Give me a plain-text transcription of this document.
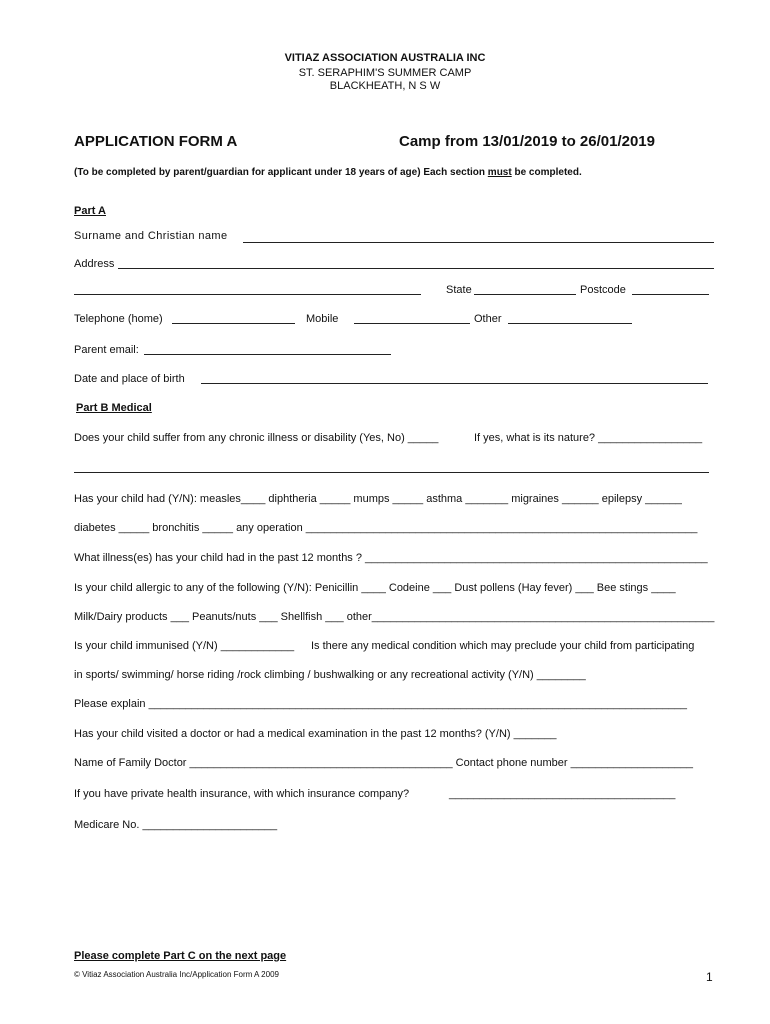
VITIAZ ASSOCIATION AUSTRALIA INC
ST. SERAPHIM'S SUMMER CAMP
BLACKHEATH, N S W
APPLICATION FORM A	Camp from 13/01/2019 to 26/01/2019
(To be completed by parent/guardian for applicant under 18 years of age) Each section must be completed.
Part A
Surname and Christian name
Address
State	Postcode
Telephone (home)	Mobile	Other
Parent email:
Date and place of birth
Part B Medical
Does your child suffer from any chronic illness or disability (Yes, No) _____	If yes, what is its nature? _________________
Has your child had (Y/N): measles____ diphtheria _____ mumps _____ asthma _______ migraines ______ epilepsy ______
diabetes _____ bronchitis _____ any operation ________________________________________________________________
What illness(es) has your child had in the past 12 months ? ________________________________________________________
Is your child allergic to any of the following (Y/N): Penicillin ____ Codeine ___ Dust pollens (Hay fever) ___ Bee stings ____
Milk/Dairy products ___ Peanuts/nuts ___ Shellfish ___ other________________________________________________________
Is your child immunised (Y/N) ____________ Is there any medical condition which may preclude your child from participating
in sports/ swimming/ horse riding /rock climbing / bushwalking or any recreational activity (Y/N) ________
Please explain ________________________________________________________________________________________
Has your child visited a doctor or had a medical examination in the past 12 months? (Y/N) _______
Name of Family Doctor ___________________________________________ Contact phone number ____________________
If you have private health insurance, with which insurance company?	_____________________________________
Medicare No. ______________________
Please complete Part C on the next page
© Vitiaz Association Australia Inc/Application Form A 2009	1
